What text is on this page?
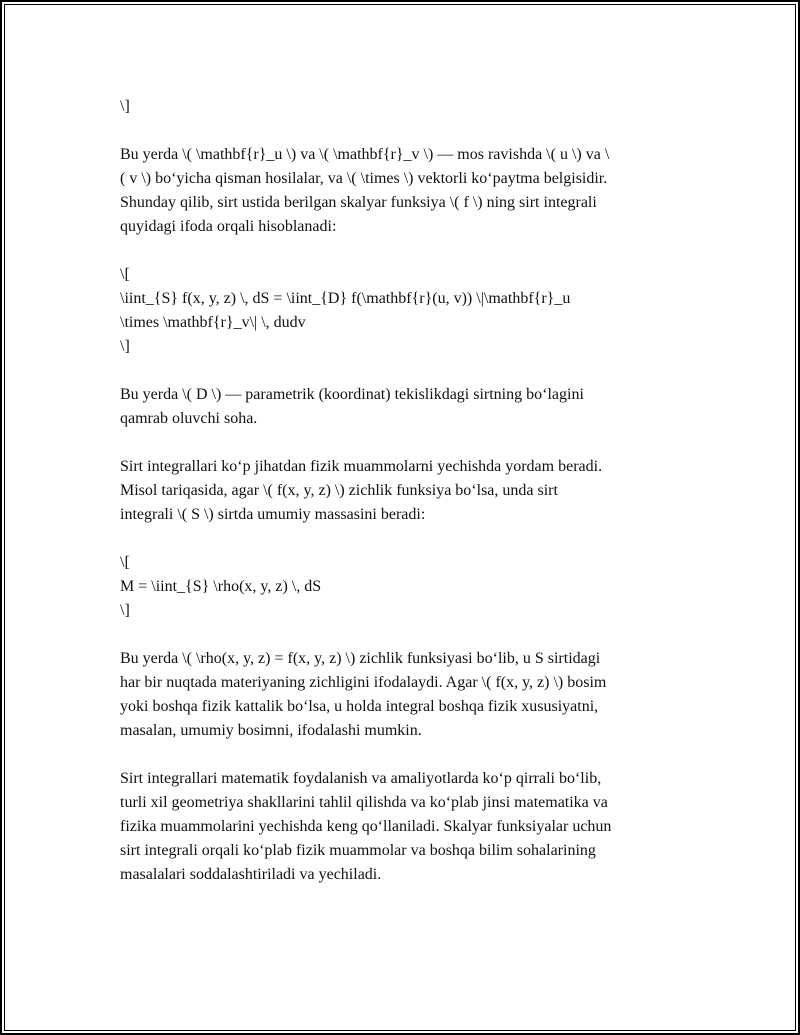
\]
Bu yerda \( \mathbf{r}_u \) va \( \mathbf{r}_v \) — mos ravishda \( u \) va \
( v \) bo‘yicha qisman hosilalar, va \( \times \) vektorli ko‘paytma belgisidir.
Shunday qilib, sirt ustida berilgan skalyar funksiya \( f \) ning sirt integrali
quyidagi ifoda orqali hisoblanadi:
\[
\iint_{S} f(x, y, z) \, dS = \iint_{D} f(\mathbf{r}(u, v)) \|\mathbf{r}_u
\times \mathbf{r}_v\| \, dudv
\]
Bu yerda \( D \) — parametrik (koordinat) tekislikdagi sirtning bo‘lagini
qamrab oluvchi soha.
Sirt integrallari ko‘p jihatdan fizik muammolarni yechishda yordam beradi.
Misol tariqasida, agar \( f(x, y, z) \) zichlik funksiya bo‘lsa, unda sirt
integrali \( S \) sirtda umumiy massasini beradi:
\[
M = \iint_{S} \rho(x, y, z) \, dS
\]
Bu yerda \( \rho(x, y, z) = f(x, y, z) \) zichlik funksiyasi bo‘lib, u S sirtidagi
har bir nuqtada materiyaning zichligini ifodalaydi. Agar \( f(x, y, z) \) bosim
yoki boshqa fizik kattalik bo‘lsa, u holda integral boshqa fizik xususiyatni,
masalan, umumiy bosimni, ifodalashi mumkin.
Sirt integrallari matematik foydalanish va amaliyotlarda ko‘p qirrali bo‘lib,
turli xil geometriya shakllarini tahlil qilishda va ko‘plab jinsi matematika va
fizika muammolarini yechishda keng qo‘llaniladi. Skalyar funksiyalar uchun
sirt integrali orqali ko‘plab fizik muammolar va boshqa bilim sohalarining
masalalari soddalashtiriladi va yechiladi.
